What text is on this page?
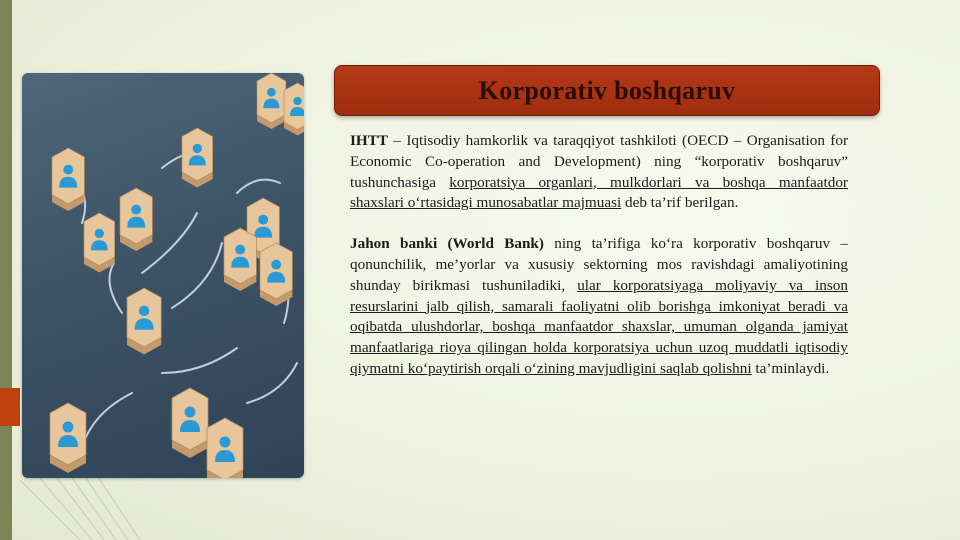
Korporativ boshqaruv

IHTT – Iqtisodiy hamkorlik va taraqqiyot tashkiloti (OECD – Organisation for Economic Co-operation and Development) ning “korporativ boshqaruv” tushunchasiga korporatsiya organlari, mulkdorlari va boshqa manfaatdor shaxslari o‘rtasidagi munosabatlar majmuasi deb ta’rif berilgan.

Jahon banki (World Bank) ning ta’rifiga ko‘ra korporativ boshqaruv – qonunchilik, me’yorlar va xususiy sektorning mos ravishdagi amaliyotining shunday birikmasi tushuniladiki, ular korporatsiyaga moliyaviy va inson resurslarini jalb qilish, samarali faoliyatni olib borishga imkoniyat beradi va oqibatda ulushdorlar, boshqa manfaatdor shaxslar, umuman olganda jamiyat manfaatlariga rioya qilingan holda korporatsiya uchun uzoq muddatli iqtisodiy qiymatni ko‘paytirish orqali o‘zining mavjudligini saqlab qolishni ta’minlaydi.
